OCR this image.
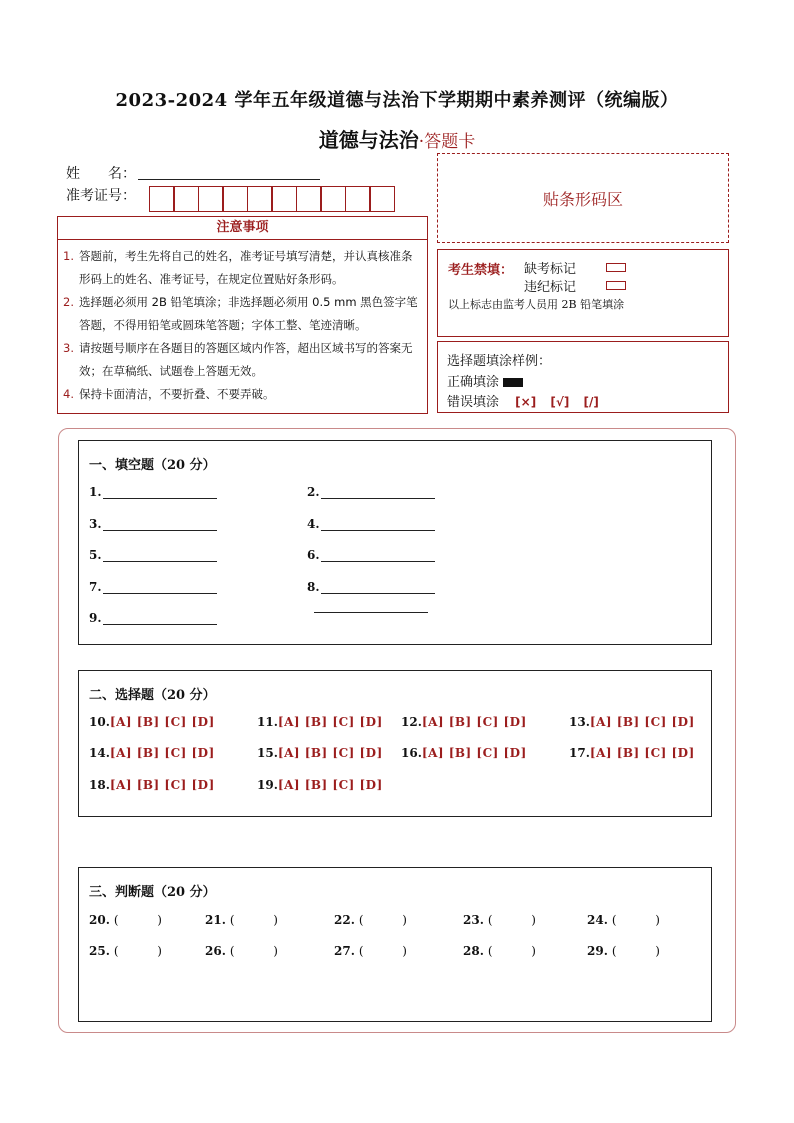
2023-2024 学年五年级道德与法治下学期期中素养测评（统编版）
道德与法治·答题卡
姓　　名：
准考证号：	贴条形码区
注意事项
1. 答题前，考生先将自己的姓名，准考证号填写清楚，并认真核准条形码上的姓名、准考证号，在规定位置贴好条形码。
2. 选择题必须用 2B 铅笔填涂；非选择题必须用 0.5 mm 黑色签字笔答题，不得用铅笔或圆珠笔答题；字体工整、笔迹清晰。
3. 请按题号顺序在各题目的答题区域内作答，超出区域书写的答案无效；在草稿纸、试题卷上答题无效。
4. 保持卡面清洁，不要折叠、不要弄破。
考生禁填： 缺考标记
违纪标记
以上标志由监考人员用 2B 铅笔填涂
选择题填涂样例：
正确填涂
错误填涂 [×] [√] [/]
一、填空题（20 分）
1.	2.
3.	4.
5.	6.
7.	8.
9.
二、选择题（20 分）
10.[A] [B] [C] [D]	11.[A] [B] [C] [D] 12.[A] [B] [C] [D]	13.[A] [B] [C] [D]
14.[A] [B] [C] [D]	15.[A] [B] [C] [D] 16.[A] [B] [C] [D]	17.[A] [B] [C] [D]
18.[A] [B] [C] [D]	19.[A] [B] [C] [D]
三、判断题（20 分）
20. (	)	21. (	)	22. (	)	23. (	)	24. (	)
25. (	)	26. (	)	27. (	)	28. (	)	29. (	)
